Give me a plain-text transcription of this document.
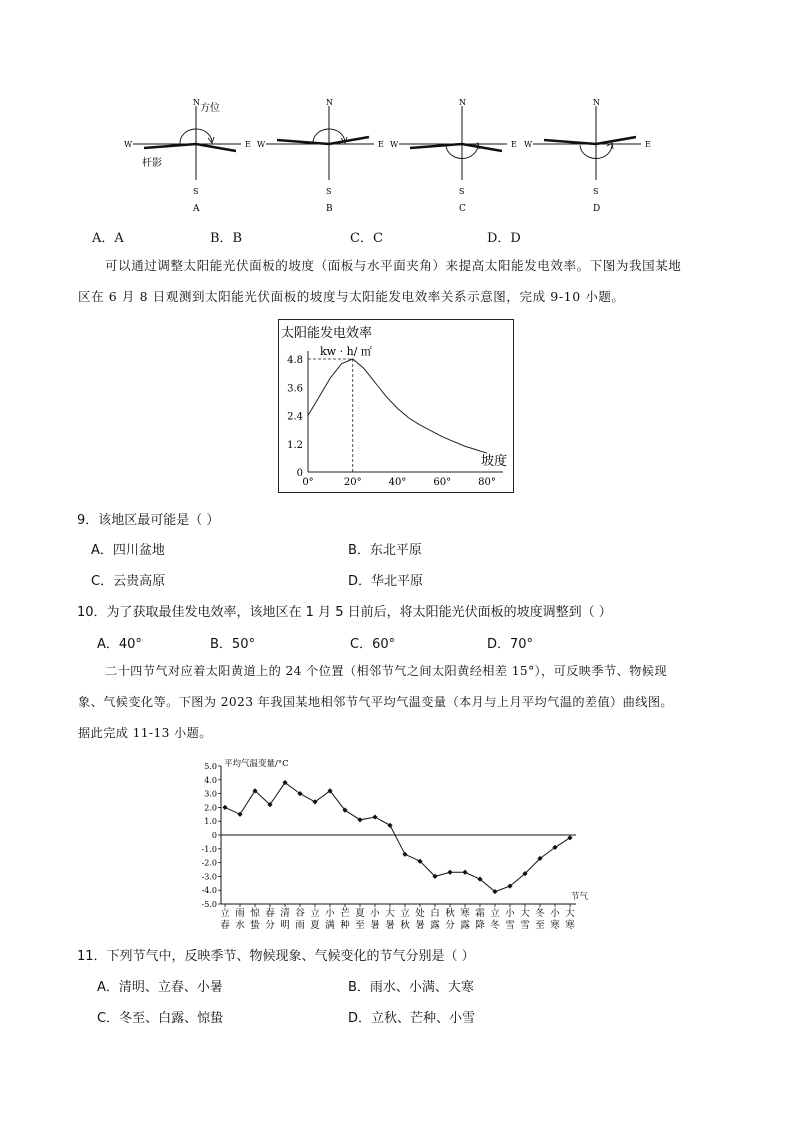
N
S
W	E
方位
杆影
A
N
S
W	E
B
N
S
W	E
C
N
S
W	E
D
A．A	B．B	C．C	D．D
可以通过调整太阳能光伏面板的坡度（面板与水平面夹角）来提高太阳能发电效率。下图为我国某地
区在 6 月 8 日观测到太阳能光伏面板的坡度与太阳能发电效率关系示意图，完成 9-10 小题。
太阳能发电效率
kw · h/ ㎡
0
1.2
2.4
3.6
4.8
0°	20°	40°	60°	80°
坡度
9．该地区最可能是（ ）
A．四川盆地	B．东北平原
C．云贵高原	D．华北平原
10．为了获取最佳发电效率，该地区在 1 月 5 日前后，将太阳能光伏面板的坡度调整到（ ）
A．40°	B．50°	C．60°	D．70°
二十四节气对应着太阳黄道上的 24 个位置（相邻节气之间太阳黄经相差 15°），可反映季节、物候现
象、气候变化等。下图为 2023 年我国某地相邻节气平均气温变量（本月与上月平均气温的差值）曲线图。
据此完成 11-13 小题。
平均气温变量/°C
节气
5.0
4.0
3.0
2.0
1.0
0
-1.0
-2.0
-3.0
-4.0
-5.0
立
春
雨
水
惊
蛰
春
分
清
明
谷
雨
立
夏
小
满
芒
种
夏
至
小
暑
大
暑
立
秋
处
暑
白
露
秋
分
寒
露
霜
降
立
冬
小
雪
大
雪
冬
至
小
寒
大
寒
11．下列节气中，反映季节、物候现象、气候变化的节气分别是（ ）
A．清明、立春、小暑	B．雨水、小满、大寒
C．冬至、白露、惊蛰	D．立秋、芒种、小雪
